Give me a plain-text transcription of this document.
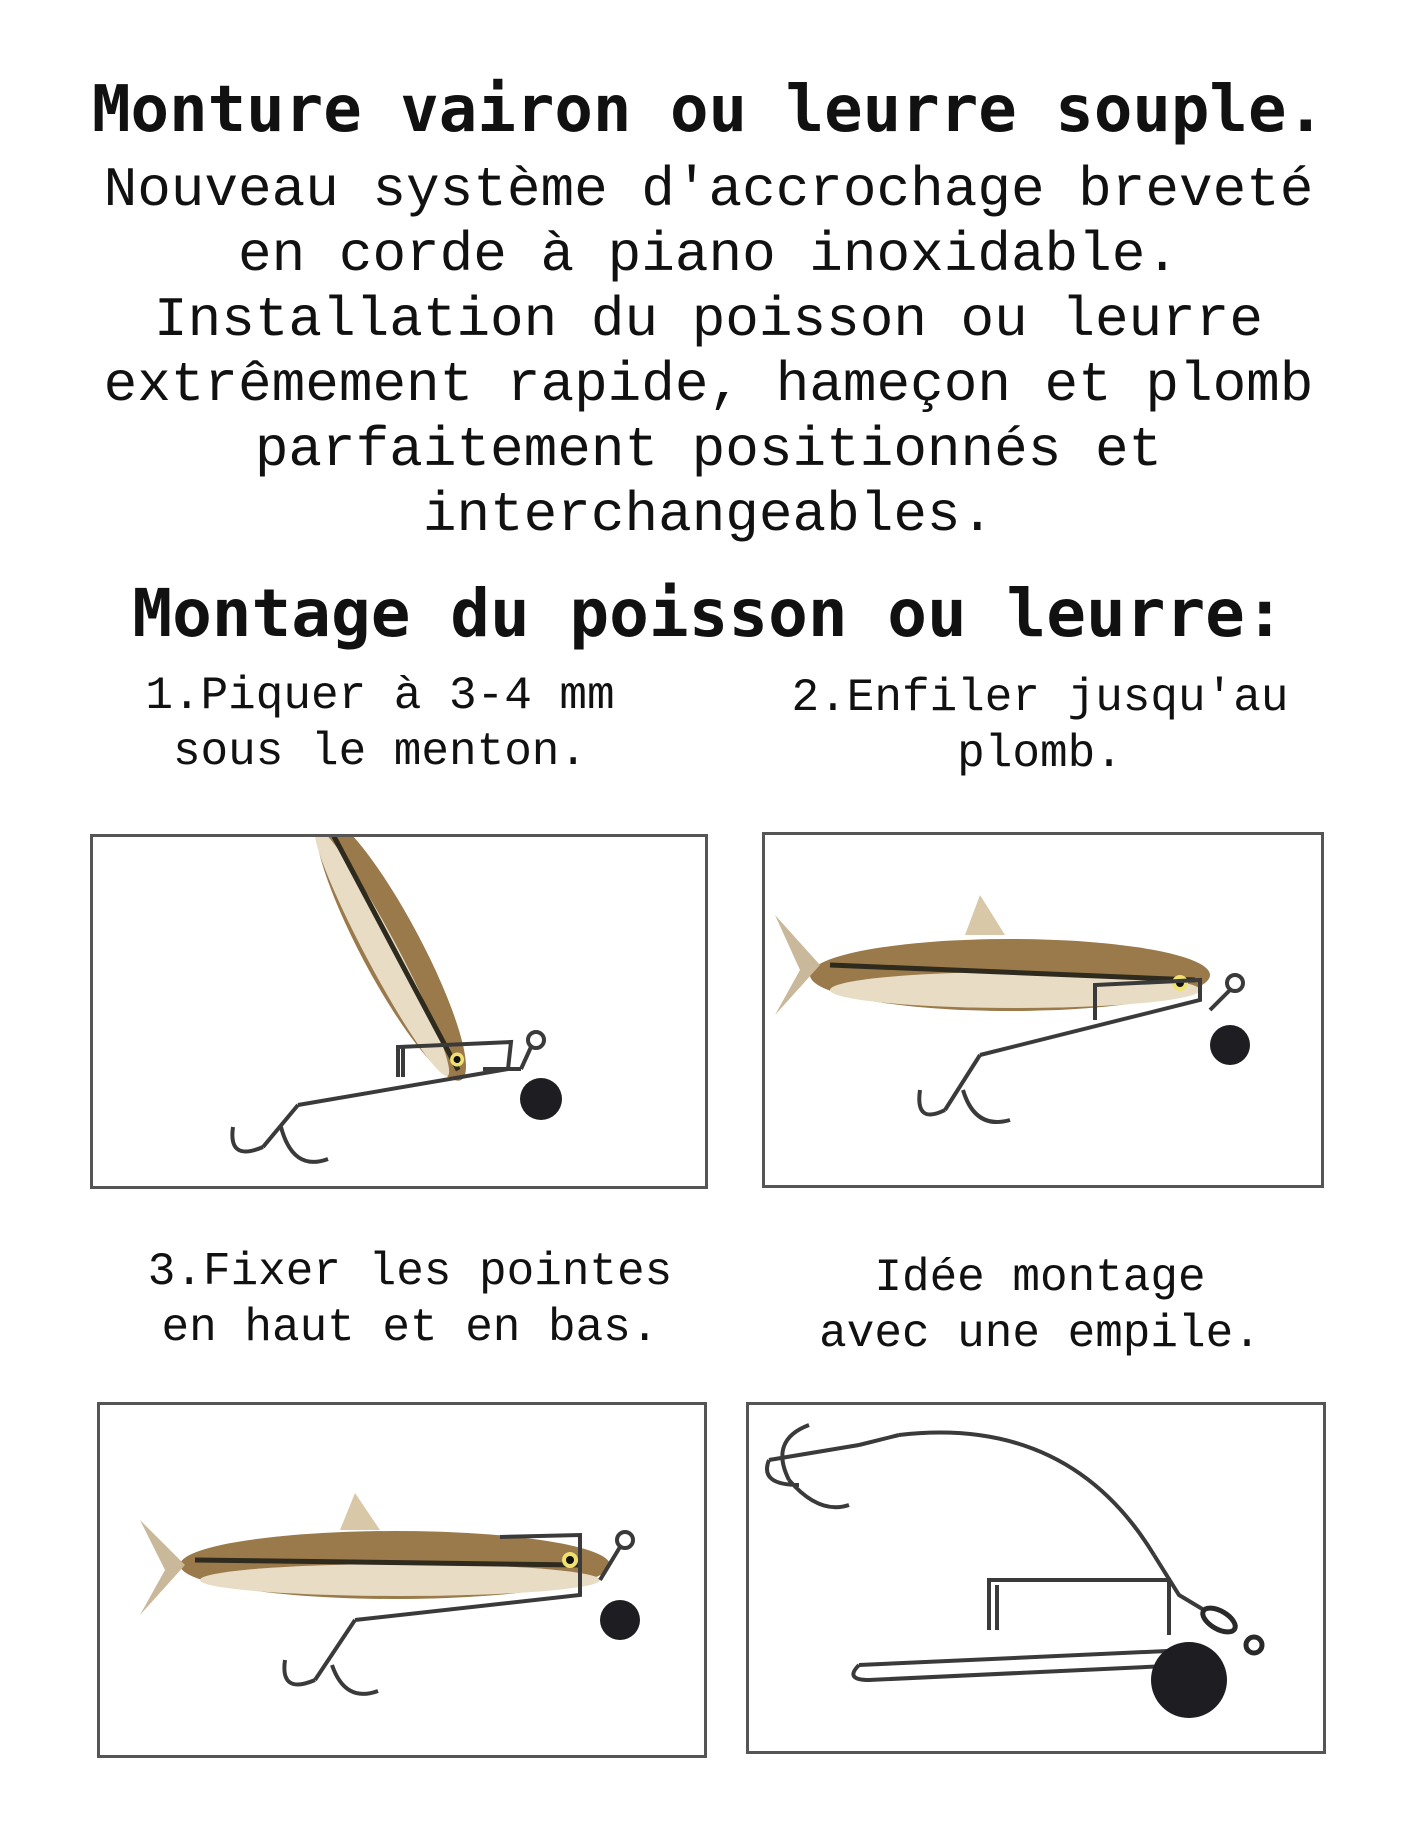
Monture vairon ou leurre souple.
Nouveau système d'accrochage breveté
en corde à piano inoxidable.
Installation du poisson ou leurre
extrêmement rapide, hameçon et plomb
parfaitement positionnés et
interchangeables.
Montage du poisson ou leurre:
1.Piquer à 3-4 mm
sous le menton.
2.Enfiler jusqu'au
plomb.
3.Fixer les pointes
en haut et en bas.
Idée montage
avec une empile.
